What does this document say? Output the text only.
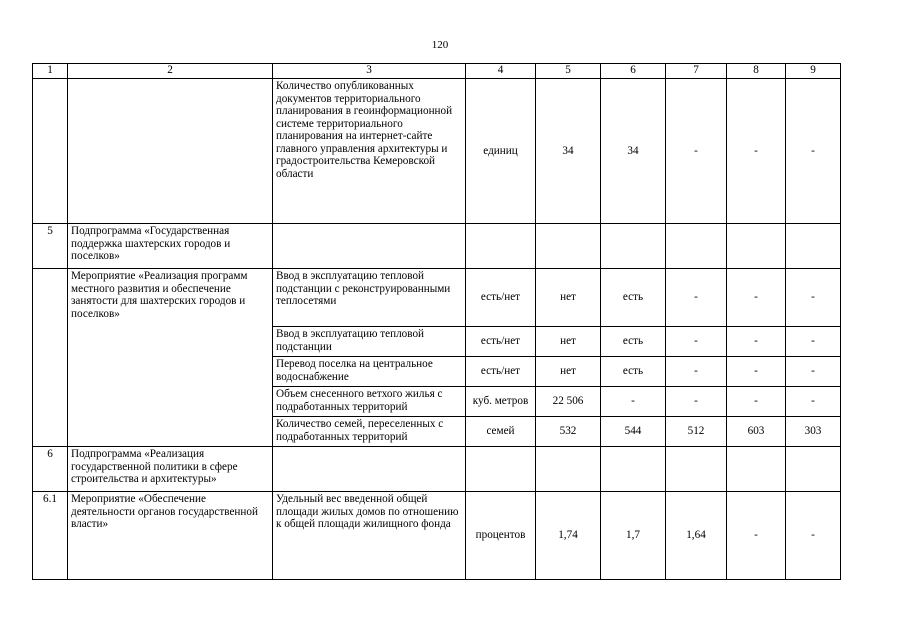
120
1	2	3	4	5	6	7	8	9
		Количество опубликованных документов территориального планирования в геоинформационной системе территориального планирования на интернет-сайте главного управления архитектуры и градостроительства Кемеровской области	единиц	34	34	-	-	-
5	Подпрограмма «Государственная поддержка шахтерских городов и поселков»							
	Мероприятие «Реализация программ местного развития и обеспечение занятости для шахтерских городов и поселков»	Ввод в эксплуатацию тепловой подстанции с реконструированными теплосетями	есть/нет	нет	есть	-	-	-
		Ввод в эксплуатацию тепловой подстанции	есть/нет	нет	есть	-	-	-
		Перевод поселка на центральное водоснабжение	есть/нет	нет	есть	-	-	-
		Объем снесенного ветхого жилья с подработанных территорий	куб. метров	22 506	-	-	-	-
		Количество семей, переселенных с подработанных территорий	семей	532	544	512	603	303
6	Подпрограмма «Реализация государственной политики в сфере строительства и архитектуры»							
6.1	Мероприятие «Обеспечение деятельности органов государственной власти»	Удельный вес введенной общей площади жилых домов по отношению к общей площади жилищного фонда	процентов	1,74	1,7	1,64	-	-
